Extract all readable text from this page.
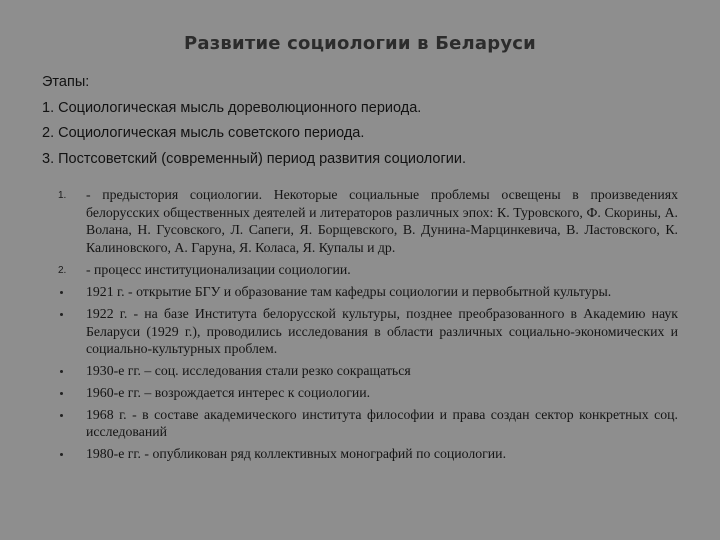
Развитие социологии в Беларуси
Этапы:
1. Социологическая мысль дореволюционного периода.
2. Социологическая мысль советского периода.
3. Постсоветский (современный) период развития социологии.
1.	- предыстория социологии. Некоторые социальные проблемы освещены в произведениях белорусских общественных деятелей и литераторов различных эпох: К. Туровского, Ф. Скорины, А. Волана, Н. Гусовского, Л. Сапеги, Я. Борщевского, В. Дунина-Марцинкевича, В. Ластовского, К. Калиновского, А. Гаруна, Я. Коласа, Я. Купалы и др.
2.	- процесс институционализации социологии.
1921 г. - открытие БГУ и образование там кафедры социологии и первобытной культуры.
1922 г. - на базе Института белорусской культуры, позднее преобразованного в Академию наук Беларуси (1929 г.), проводились исследования в области различных социально-экономических и социально-культурных проблем.
1930-е гг. – соц. исследования стали резко сокращаться
1960-е гг. – возрождается интерес к социологии.
1968 г. - в составе академического института философии и права создан сектор конкретных соц. исследований
1980-е гг. - опубликован ряд коллективных монографий по социологии.
